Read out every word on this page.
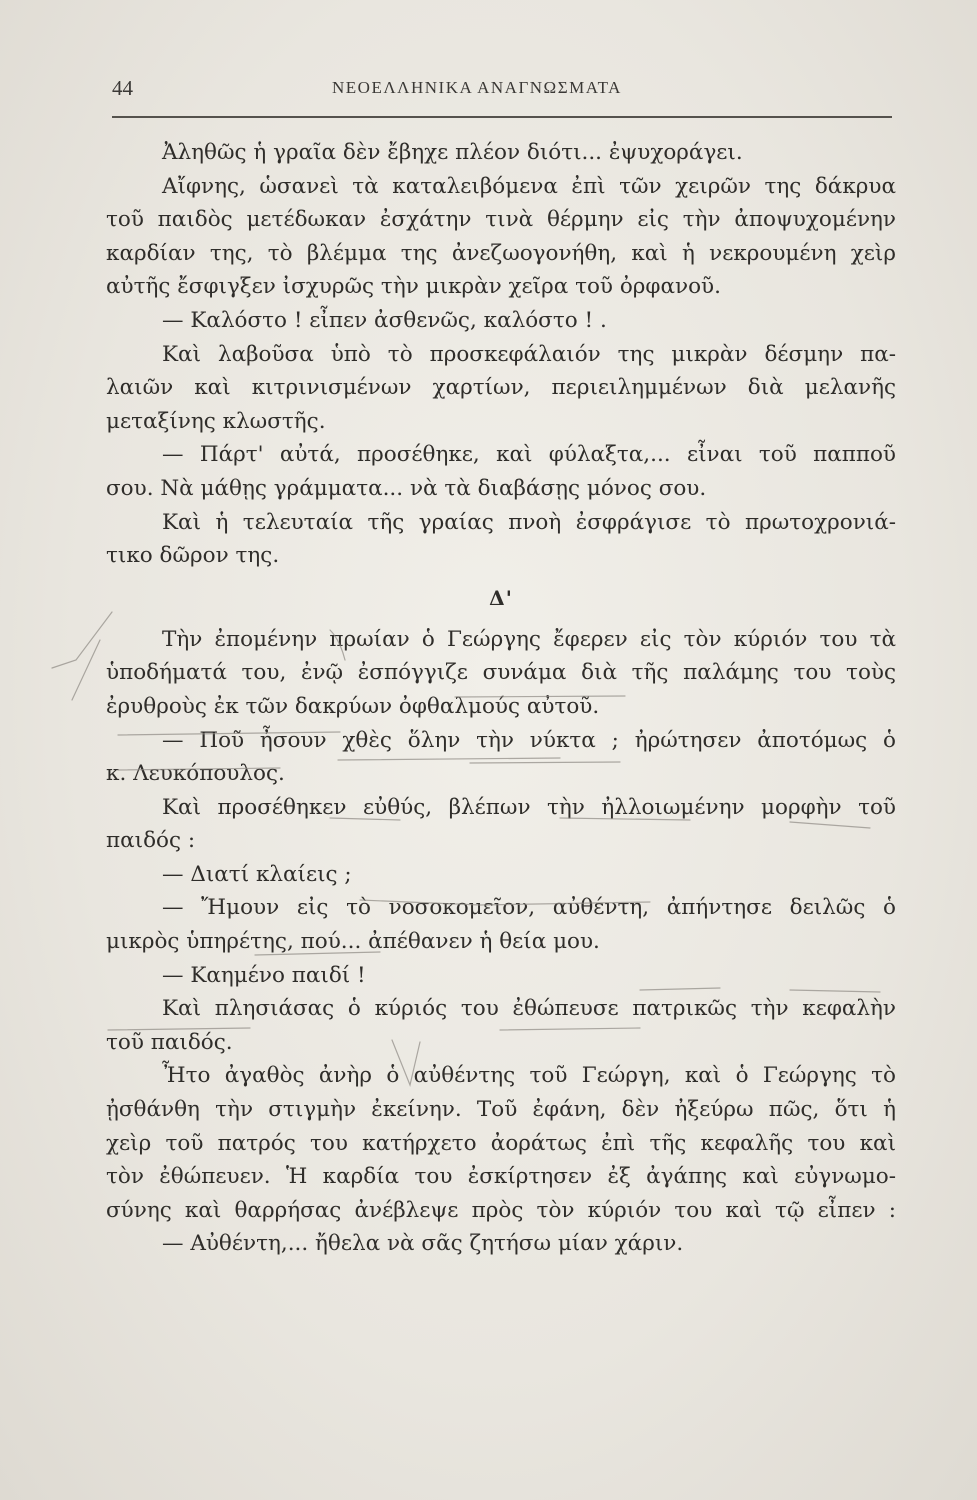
44	ΝΕΟΕΛΛΗΝΙΚΑ ΑΝΑΓΝΩΣΜΑΤΑ
Ἀληθῶς ἡ γραῖα δὲν ἔβηχε πλέον διότι... ἐψυχοράγει.
Αἴφνης, ὡσανεὶ τὰ καταλειβόμενα ἐπὶ τῶν χειρῶν της δάκρυα
τοῦ παιδὸς μετέδωκαν ἐσχάτην τινὰ θέρμην εἰς τὴν ἀποψυχομένην
καρδίαν της, τὸ βλέμμα της ἀνεζωογονήθη, καὶ ἡ νεκρουμένη χεὶρ
αὐτῆς ἔσφιγξεν ἰσχυρῶς τὴν μικρὰν χεῖρα τοῦ ὀρφανοῦ.
— Καλόστο ! εἶπεν ἀσθενῶς, καλόστο ! .
Καὶ λαβοῦσα ὑπὸ τὸ προσκεφάλαιόν της μικρὰν δέσμην πα-
λαιῶν καὶ κιτρινισμένων χαρτίων, περιειλημμένων διὰ μελανῆς
μεταξίνης κλωστῆς.
— Πάρτ' αὐτά, προσέθηκε, καὶ φύλαξτα,... εἶναι τοῦ παπποῦ
σου. Νὰ μάθῃς γράμματα... νὰ τὰ διαβάσῃς μόνος σου.
Καὶ ἡ τελευταία τῆς γραίας πνοὴ ἐσφράγισε τὸ πρωτοχρονιά-
τικο δῶρον της.
Δ'
Τὴν ἐπομένην πρωίαν ὁ Γεώργης ἔφερεν εἰς τὸν κύριόν του τὰ
ὑποδήματά του, ἐνῷ ἐσπόγγιζε συνάμα διὰ τῆς παλάμης του τοὺς
ἐρυθροὺς ἐκ τῶν δακρύων ὀφθαλμούς αὐτοῦ.
— Ποῦ ἦσουν χθὲς ὅλην τὴν νύκτα ; ἠρώτησεν ἀποτόμως ὁ
κ. Λευκόπουλος.
Καὶ προσέθηκεν εὐθύς, βλέπων τὴν ἠλλοιωμένην μορφὴν τοῦ
παιδός :
— Διατί κλαίεις ;
— Ἤμουν εἰς τὸ νοσοκομεῖον, αὐθέντη, ἀπήντησε δειλῶς ὁ
μικρὸς ὑπηρέτης, πού... ἀπέθανεν ἡ θεία μου.
— Καημένο παιδί !
Καὶ πλησιάσας ὁ κύριός του ἐθώπευσε πατρικῶς τὴν κεφαλὴν
τοῦ παιδός.
Ἦτο ἀγαθὸς ἀνὴρ ὁ αὐθέντης τοῦ Γεώργη, καὶ ὁ Γεώργης τὸ
ᾐσθάνθη τὴν στιγμὴν ἐκείνην. Τοῦ ἐφάνη, δὲν ἠξεύρω πῶς, ὅτι ἡ
χεὶρ τοῦ πατρός του κατήρχετο ἀοράτως ἐπὶ τῆς κεφαλῆς του καὶ
τὸν ἐθώπευεν. Ἡ καρδία του ἐσκίρτησεν ἐξ ἀγάπης καὶ εὐγνωμο-
σύνης καὶ θαρρήσας ἀνέβλεψε πρὸς τὸν κύριόν του καὶ τῷ εἶπεν :
— Αὐθέντη,... ἤθελα νὰ σᾶς ζητήσω μίαν χάριν.
